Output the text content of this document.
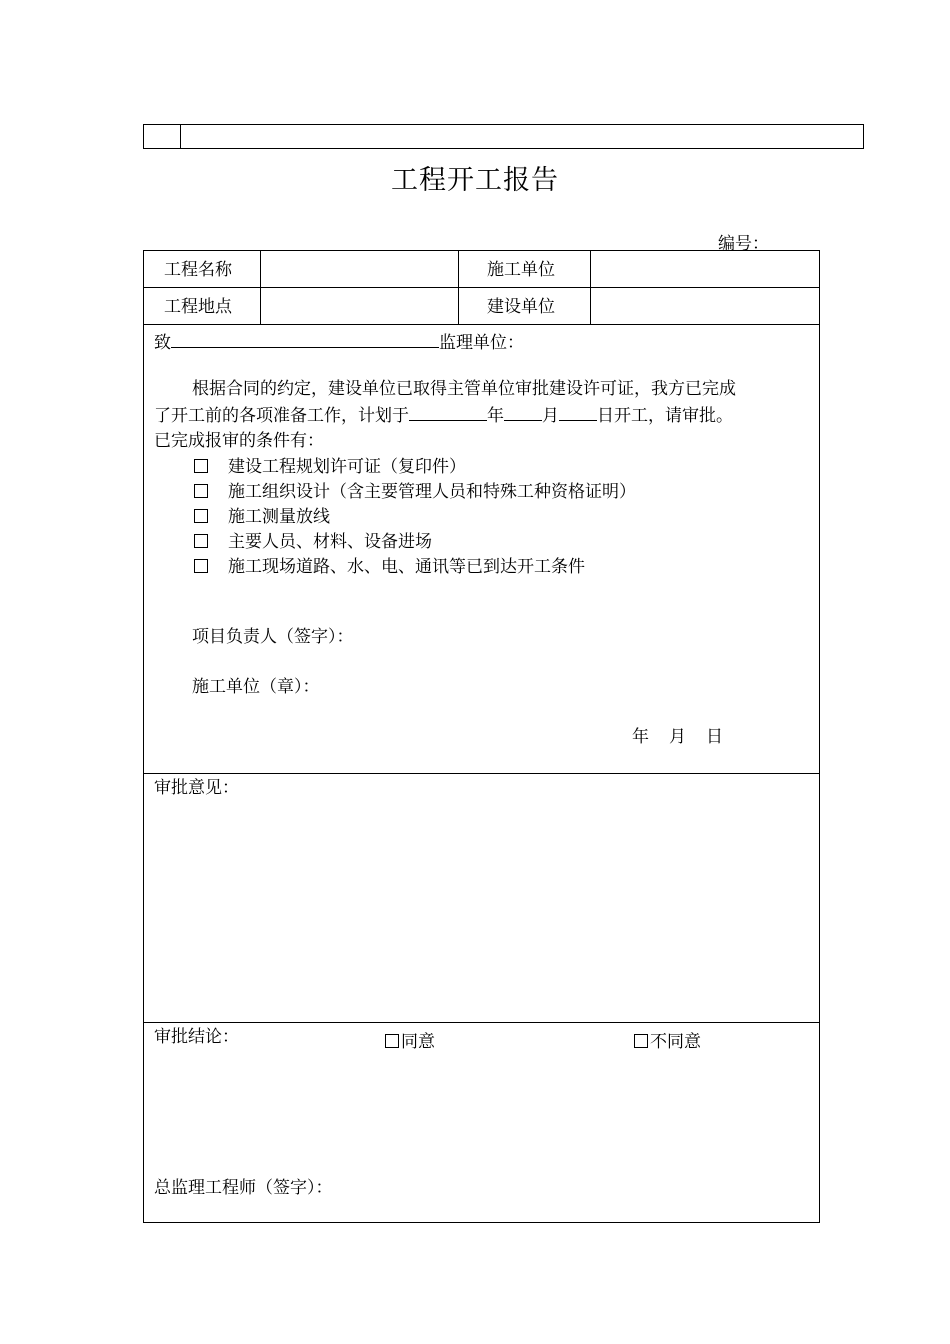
工程开工报告
编号：
工程名称	施工单位
工程地点	建设单位
致	监理单位：
根据合同的约定，建设单位已取得主管单位审批建设许可证，我方已完成
了开工前的各项准备工作，计划于	年 月 日开工，请审批。
已完成报审的条件有：
建设工程规划许可证（复印件）
施工组织设计（含主要管理人员和特殊工种资格证明）
施工测量放线
主要人员、材料、设备进场
施工现场道路、水、电、通讯等已到达开工条件
项目负责人（签字）：
施工单位（章）：
年 月 日
审批意见：
审批结论：	同意	不同意
总监理工程师（签字）：
